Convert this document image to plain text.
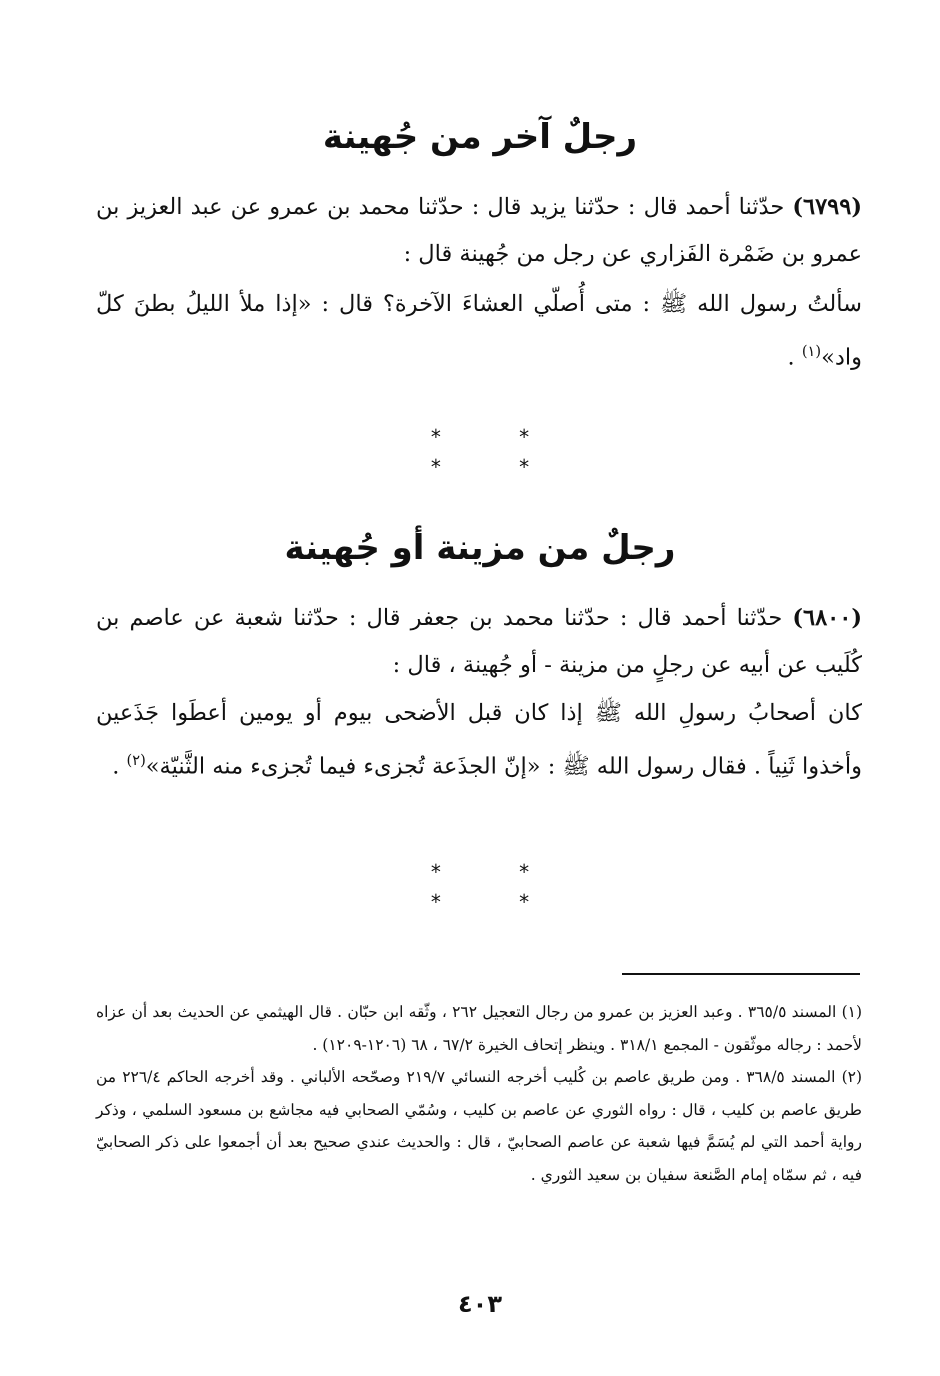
رجلٌ آخر من جُهينة

(٦٧٩٩) حدّثنا أحمد قال : حدّثنا يزيد قال : حدّثنا محمد بن عمرو عن عبد العزيز بن عمرو بن ضَمْرة الفَزاري عن رجل من جُهينة قال :

سألتُ رسول الله ﷺ : متى أُصلّي العشاءَ الآخرة؟ قال : «إذا ملأ الليلُ بطنَ كلّ واد»$^{(١)}$ .

* * * *
رجلٌ من مزينة أو جُهينة

(٦٨٠٠) حدّثنا أحمد قال : حدّثنا محمد بن جعفر قال : حدّثنا شعبة عن عاصم بن كُلَيب عن أبيه عن رجلٍ من مزينة - أو جُهينة ، قال :

كان أصحابُ رسولِ الله ﷺ إذا كان قبل الأضحى بيوم أو يومين أعطَوا جَذَعين وأخذوا ثَنِياً . فقال رسول الله ﷺ : «إنّ الجذَعة تُجزىء فيما تُجزىء منه الثَّنيّة»$^{(٢)}$ .

* * * *

(١) المسند ٣٦٥/٥ . وعبد العزيز بن عمرو من رجال التعجيل ٢٦٢ ، وثّقه ابن حبّان . قال الهيثمي عن الحديث بعد أن عزاه لأحمد : رجاله موثّقون - المجمع ٣١٨/١ . وينظر إتحاف الخيرة ٦٧/٢ ، ٦٨ (١٢٠٦-١٢٠٩) .

(٢) المسند ٣٦٨/٥ . ومن طريق عاصم بن كُليب أخرجه النسائي ٢١٩/٧ وصحّحه الألباني . وقد أخرجه الحاكم ٢٢٦/٤ من طريق عاصم بن كليب ، قال : رواه الثوري عن عاصم بن كليب ، وسُمّي الصحابي فيه مجاشع بن مسعود السلمي ، وذكر رواية أحمد التي لم يُسَمَّ فيها شعبة عن عاصم الصحابيّ ، قال : والحديث عندي صحيح بعد أن أجمعوا على ذكر الصحابيّ فيه ، ثم سمّاه إمام الصَّنعة سفيان بن سعيد الثوري .

٤٠٣
